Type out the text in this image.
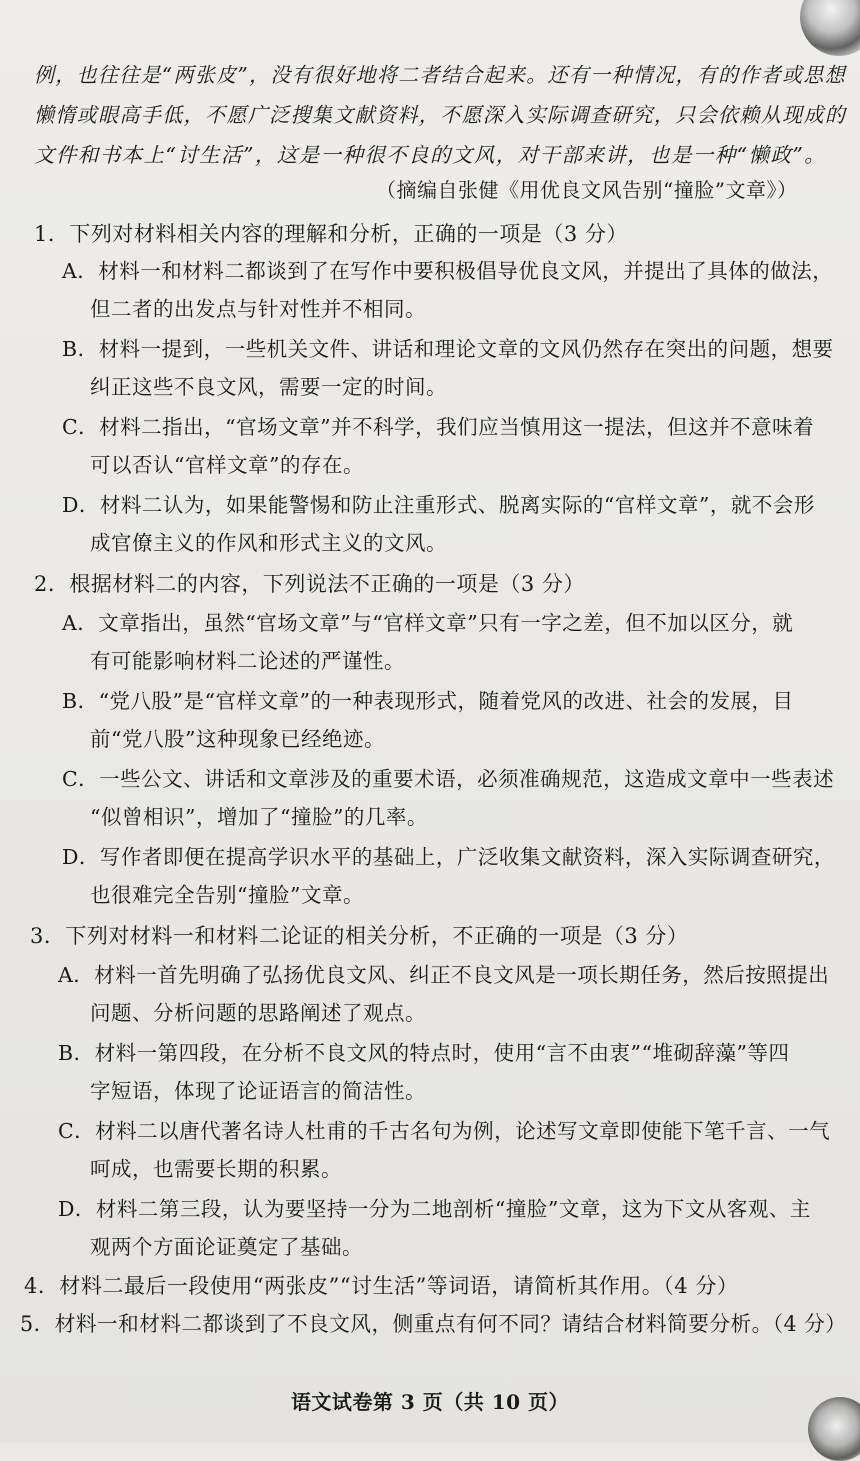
例，也往往是“两张皮”，没有很好地将二者结合起来。还有一种情况，有的作者或思想
懒惰或眼高手低，不愿广泛搜集文献资料，不愿深入实际调查研究，只会依赖从现成的
文件和书本上“讨生活”，这是一种很不良的文风，对干部来讲，也是一种“懒政”。
（摘编自张健《用优良文风告别“撞脸”文章》）
1．下列对材料相关内容的理解和分析，正确的一项是（3 分）
A．材料一和材料二都谈到了在写作中要积极倡导优良文风，并提出了具体的做法，
但二者的出发点与针对性并不相同。
B．材料一提到，一些机关文件、讲话和理论文章的文风仍然存在突出的问题，想要
纠正这些不良文风，需要一定的时间。
C．材料二指出，“官场文章”并不科学，我们应当慎用这一提法，但这并不意味着
可以否认“官样文章”的存在。
D．材料二认为，如果能警惕和防止注重形式、脱离实际的“官样文章”，就不会形
成官僚主义的作风和形式主义的文风。
2．根据材料二的内容，下列说法不正确的一项是（3 分）
A．文章指出，虽然“官场文章”与“官样文章”只有一字之差，但不加以区分，就
有可能影响材料二论述的严谨性。
B．“党八股”是“官样文章”的一种表现形式，随着党风的改进、社会的发展，目
前“党八股”这种现象已经绝迹。
C．一些公文、讲话和文章涉及的重要术语，必须准确规范，这造成文章中一些表述
“似曾相识”，增加了“撞脸”的几率。
D．写作者即便在提高学识水平的基础上，广泛收集文献资料，深入实际调查研究，
也很难完全告别“撞脸”文章。
3．下列对材料一和材料二论证的相关分析，不正确的一项是（3 分）
A．材料一首先明确了弘扬优良文风、纠正不良文风是一项长期任务，然后按照提出
问题、分析问题的思路阐述了观点。
B．材料一第四段，在分析不良文风的特点时，使用“言不由衷”“堆砌辞藻”等四
字短语，体现了论证语言的简洁性。
C．材料二以唐代著名诗人杜甫的千古名句为例，论述写文章即使能下笔千言、一气
呵成，也需要长期的积累。
D．材料二第三段，认为要坚持一分为二地剖析“撞脸”文章，这为下文从客观、主
观两个方面论证奠定了基础。
4．材料二最后一段使用“两张皮”“讨生活”等词语，请简析其作用。（4 分）
5．材料一和材料二都谈到了不良文风，侧重点有何不同？请结合材料简要分析。（4 分）
语文试卷第 3 页（共 10 页）
